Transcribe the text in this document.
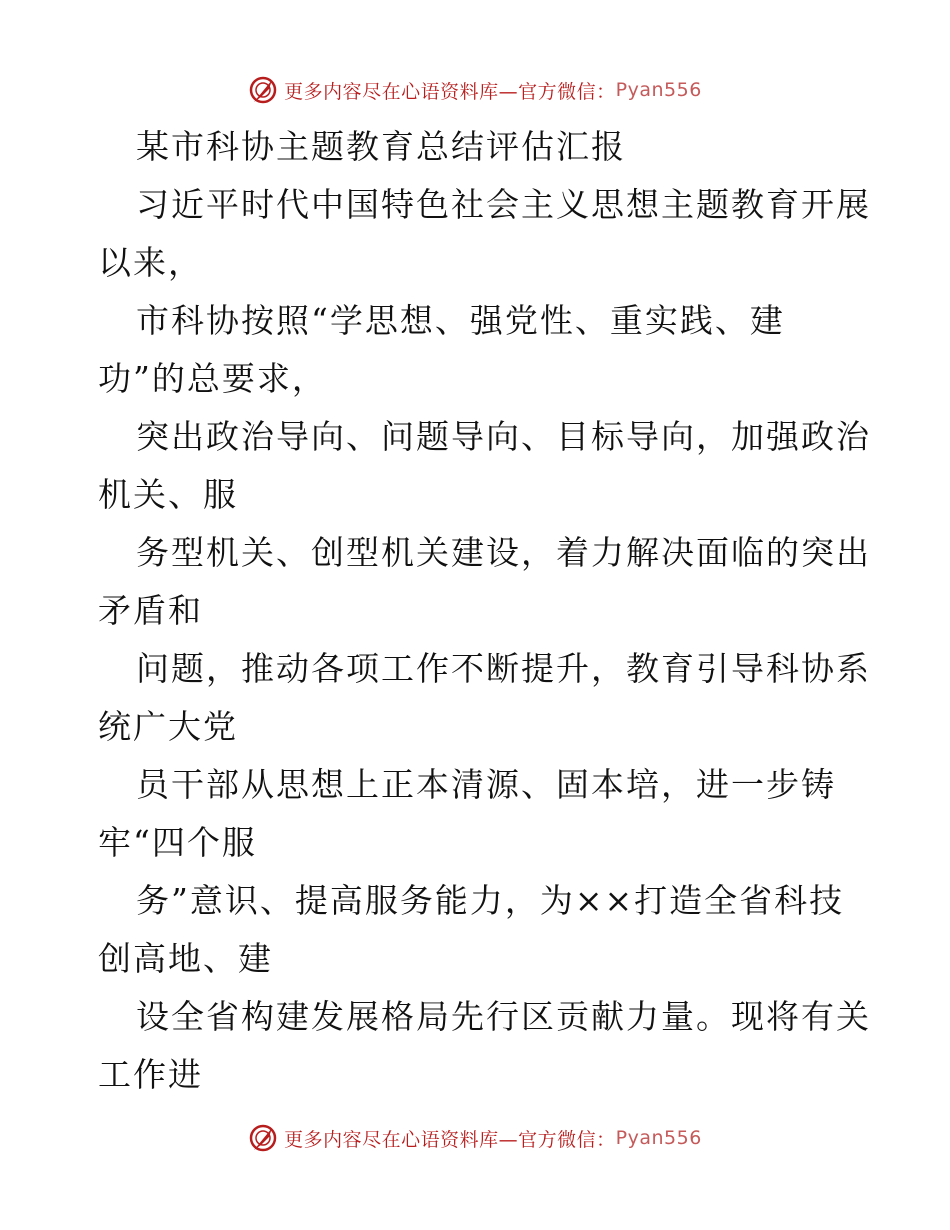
更多内容尽在心语资料库—官方微信： Pyan556
某市科协主题教育总结评估汇报
习近平时代中国特色社会主义思想主题教育开展
以来，
市科协按照“学思想、强党性、重实践、建
功”的总要求，
突出政治导向、问题导向、目标导向，加强政治
机关、服
务型机关、创型机关建设，着力解决面临的突出
矛盾和
问题，推动各项工作不断提升，教育引导科协系
统广大党
员干部从思想上正本清源、固本培，进一步铸
牢“四个服
务”意识、提高服务能力，为××打造全省科技
创高地、建
设全省构建发展格局先行区贡献力量。现将有关
工作进
更多内容尽在心语资料库—官方微信： Pyan556
